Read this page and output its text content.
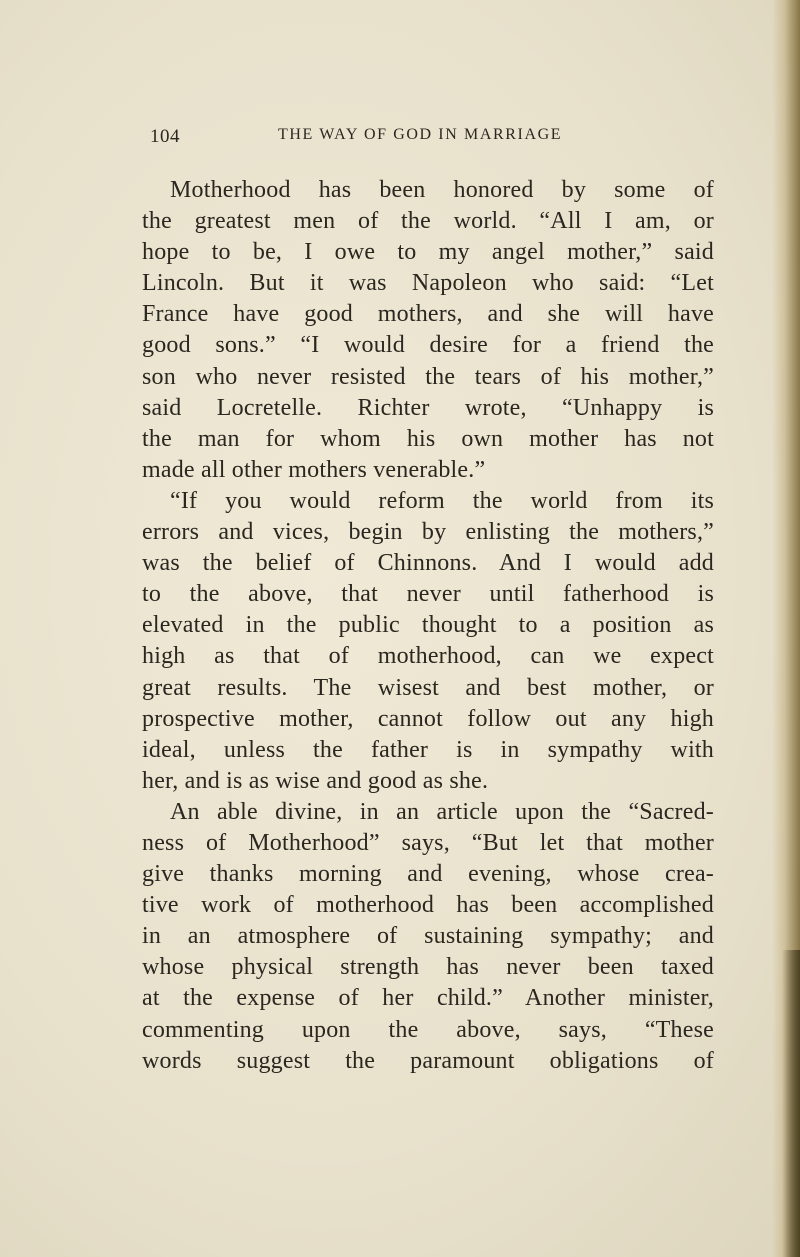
104	THE WAY OF GOD IN MARRIAGE
Motherhood has been honored by some of
the greatest men of the world. “All I am, or
hope to be, I owe to my angel mother,” said
Lincoln. But it was Napoleon who said: “Let
France have good mothers, and she will have
good sons.” “I would desire for a friend the
son who never resisted the tears of his mother,”
said Locretelle. Richter wrote, “Unhappy is
the man for whom his own mother has not
made all other mothers venerable.”
“If you would reform the world from its
errors and vices, begin by enlisting the mothers,”
was the belief of Chinnons. And I would add
to the above, that never until fatherhood is
elevated in the public thought to a position as
high as that of motherhood, can we expect
great results. The wisest and best mother, or
prospective mother, cannot follow out any high
ideal, unless the father is in sympathy with
her, and is as wise and good as she.
An able divine, in an article upon the “Sacred-
ness of Motherhood” says, “But let that mother
give thanks morning and evening, whose crea-
tive work of motherhood has been accomplished
in an atmosphere of sustaining sympathy; and
whose physical strength has never been taxed
at the expense of her child.” Another minister,
commenting upon the above, says, “These
words suggest the paramount obligations of
